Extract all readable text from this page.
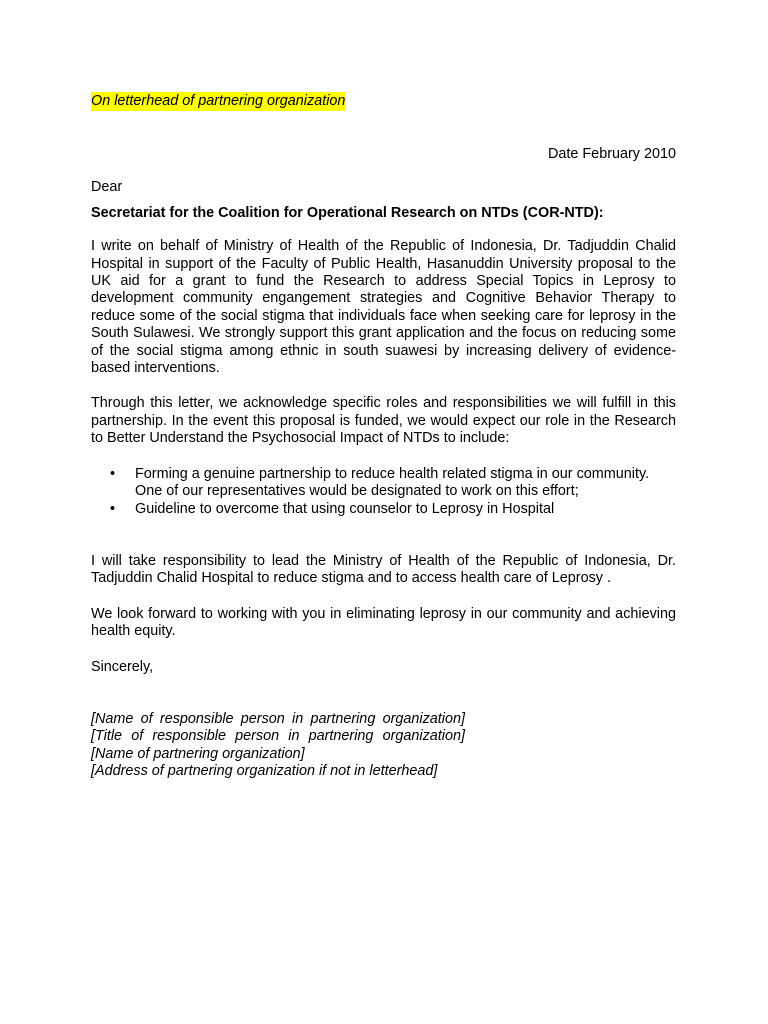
On letterhead of partnering organization
Date February 2010
Dear
Secretariat for the Coalition for Operational Research on NTDs (COR-NTD):

I write on behalf of Ministry of Health of the Republic of Indonesia, Dr. Tadjuddin Chalid Hospital in support of the Faculty of Public Health, Hasanuddin University proposal to the UK aid for a grant to fund the Research to address Special Topics in Leprosy to development community engangement strategies and Cognitive Behavior Therapy to reduce some of the social stigma that individuals face when seeking care for leprosy in the South Sulawesi. We strongly support this grant application and the focus on reducing some of the social stigma among ethnic in south suawesi by increasing delivery of evidence-based interventions.

Through this letter, we acknowledge specific roles and responsibilities we will fulfill in this partnership. In the event this proposal is funded, we would expect our role in the Research to Better Understand the Psychosocial Impact of NTDs to include:

• Forming a genuine partnership to reduce health related stigma in our community. One of our representatives would be designated to work on this effort;
• Guideline to overcome that using counselor to Leprosy in Hospital

I will take responsibility to lead the Ministry of Health of the Republic of Indonesia, Dr. Tadjuddin Chalid Hospital to reduce stigma and to access health care of Leprosy .

We look forward to working with you in eliminating leprosy in our community and achieving health equity.

Sincerely,
[Name of responsible person in partnering organization]
[Title of responsible person in partnering organization]
[Name of partnering organization]
[Address of partnering organization if not in letterhead]
